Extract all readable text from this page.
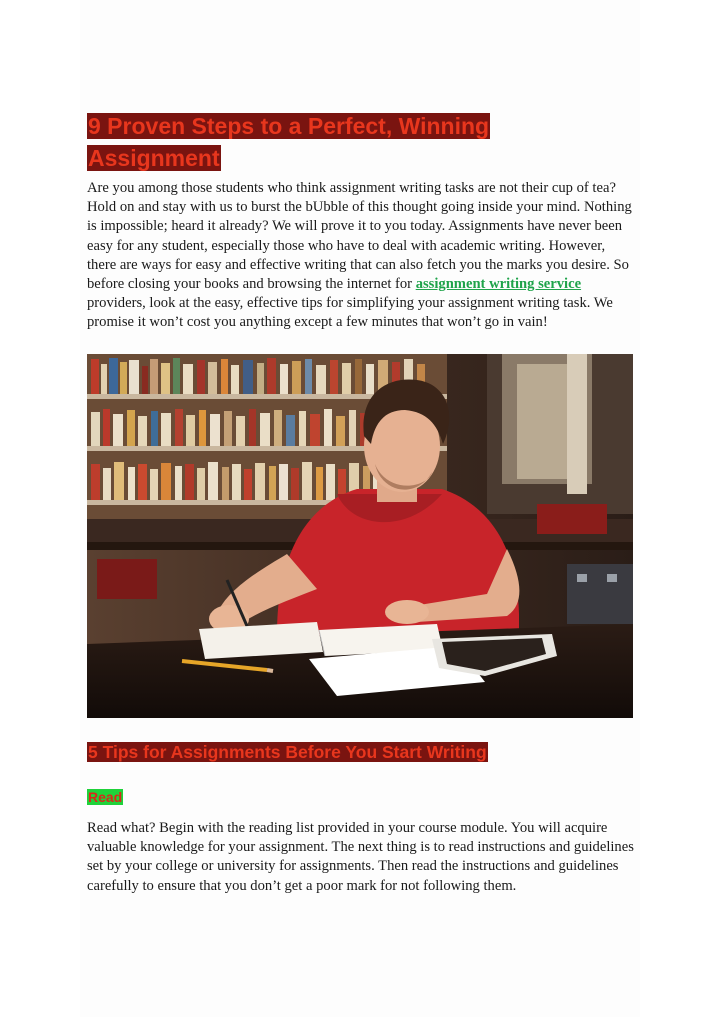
9 Proven Steps to a Perfect, Winning
Assignment

Are you among those students who think assignment writing tasks are not their cup of tea? Hold on and stay with us to burst the bUbble of this thought going inside your mind. Nothing is impossible; heard it already? We will prove it to you today. Assignments have never been easy for any student, especially those who have to deal with academic writing. However, there are ways for easy and effective writing that can also fetch you the marks you desire. So before closing your books and browsing the internet for assignment writing service providers, look at the easy, effective tips for simplifying your assignment writing task. We promise it won’t cost you anything except a few minutes that won’t go in vain!

5 Tips for Assignments Before You Start Writing
Read

Read what? Begin with the reading list provided in your course module. You will acquire valuable knowledge for your assignment. The next thing is to read instructions and guidelines set by your college or university for assignments. Then read the instructions and guidelines carefully to ensure that you don’t get a poor mark for not following them.
